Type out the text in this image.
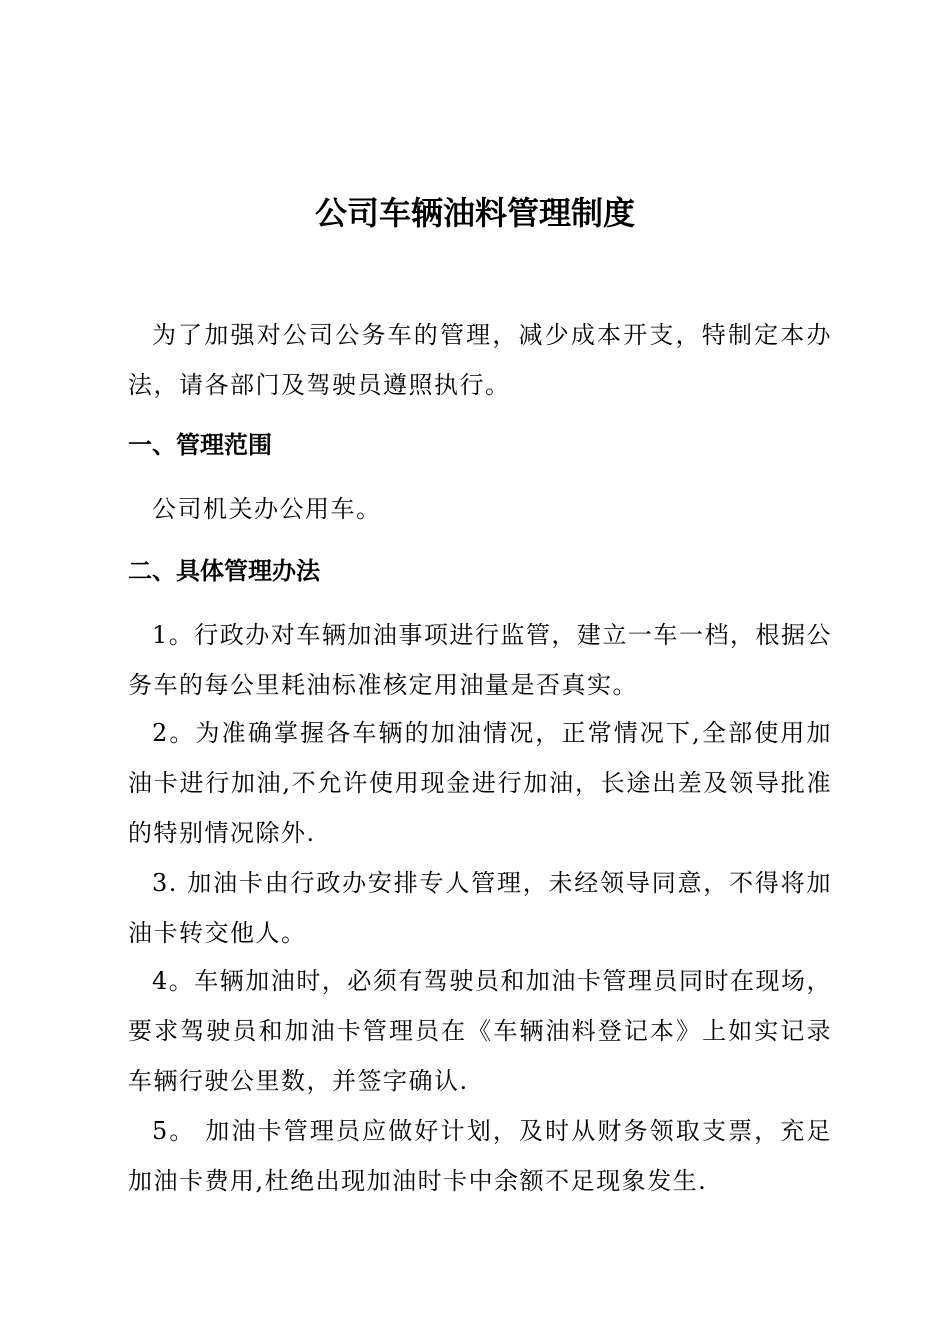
公司车辆油料管理制度
为了加强对公司公务车的管理，减少成本开支，特制定本办法，请各部门及驾驶员遵照执行。
一、管理范围
公司机关办公用车。
二、具体管理办法
1。行政办对车辆加油事项进行监管，建立一车一档，根据公务车的每公里耗油标准核定用油量是否真实。
2。为准确掌握各车辆的加油情况，正常情况下,全部使用加油卡进行加油,不允许使用现金进行加油，长途出差及领导批准的特别情况除外.
3. 加油卡由行政办安排专人管理，未经领导同意，不得将加油卡转交他人。
4。车辆加油时，必须有驾驶员和加油卡管理员同时在现场，要求驾驶员和加油卡管理员在《车辆油料登记本》上如实记录车辆行驶公里数，并签字确认.
5。 加油卡管理员应做好计划，及时从财务领取支票，充足加油卡费用,杜绝出现加油时卡中余额不足现象发生.
